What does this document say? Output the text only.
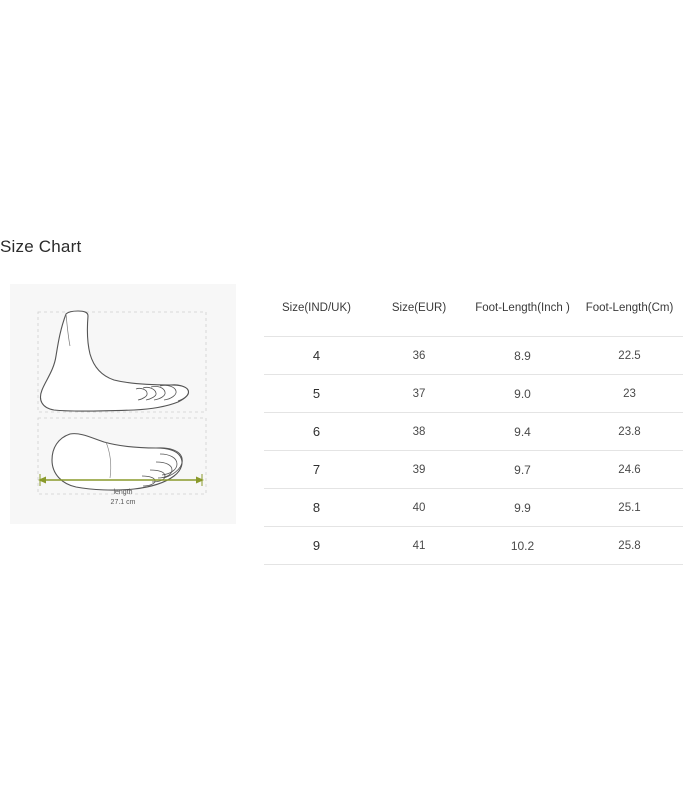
Size Chart
length
27.1 cm
Size(IND/UK)	Size(EUR)	Foot-Length(Inch )	Foot-Length(Cm)
4	36	8.9	22.5
5	37	9.0	23
6	38	9.4	23.8
7	39	9.7	24.6
8	40	9.9	25.1
9	41	10.2	25.8
